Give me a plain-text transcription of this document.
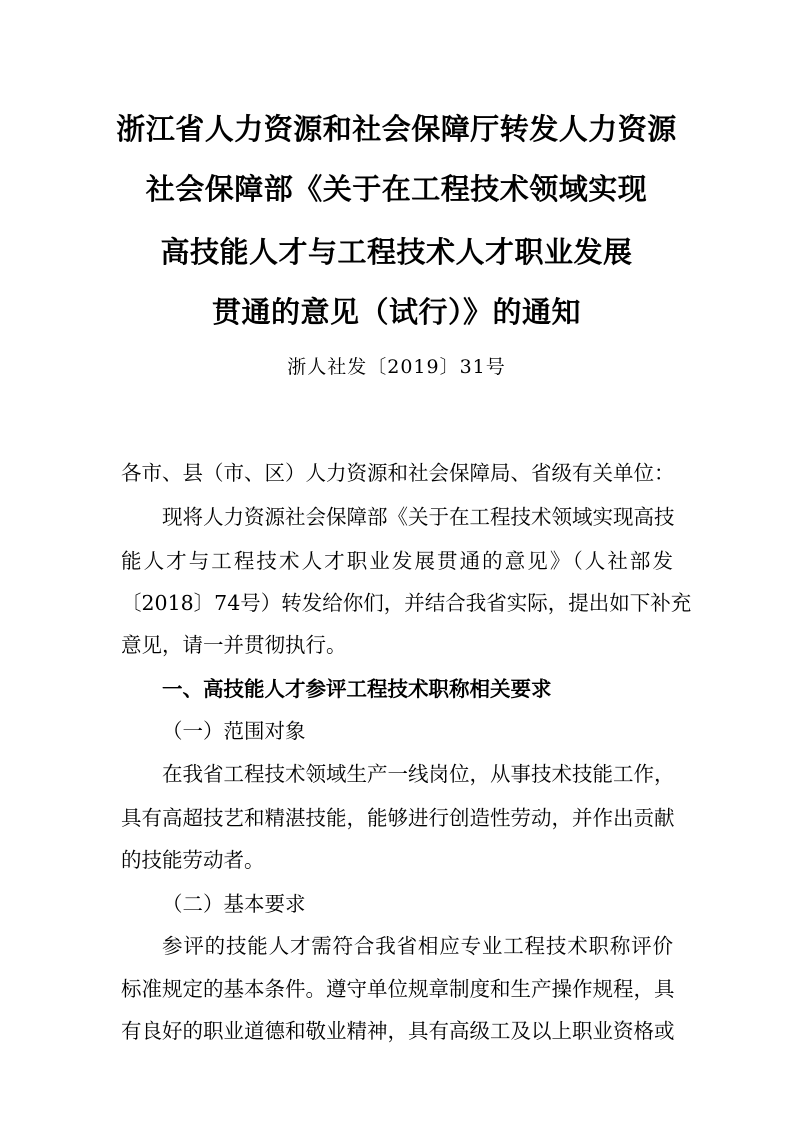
浙江省人力资源和社会保障厅转发人力资源
社会保障部《关于在工程技术领域实现
高技能人才与工程技术人才职业发展
贯通的意见（试行）》的通知
浙人社发〔2019〕31号
各市、县（市、区）人力资源和社会保障局、省级有关单位：
现将人力资源社会保障部《关于在工程技术领域实现高技
能人才与工程技术人才职业发展贯通的意见》（人社部发
〔2018〕74号）转发给你们，并结合我省实际，提出如下补充
意见，请一并贯彻执行。
一、高技能人才参评工程技术职称相关要求
（一）范围对象
在我省工程技术领域生产一线岗位，从事技术技能工作，
具有高超技艺和精湛技能，能够进行创造性劳动，并作出贡献
的技能劳动者。
（二）基本要求
参评的技能人才需符合我省相应专业工程技术职称评价
标准规定的基本条件。遵守单位规章制度和生产操作规程，具
有良好的职业道德和敬业精神，具有高级工及以上职业资格或
